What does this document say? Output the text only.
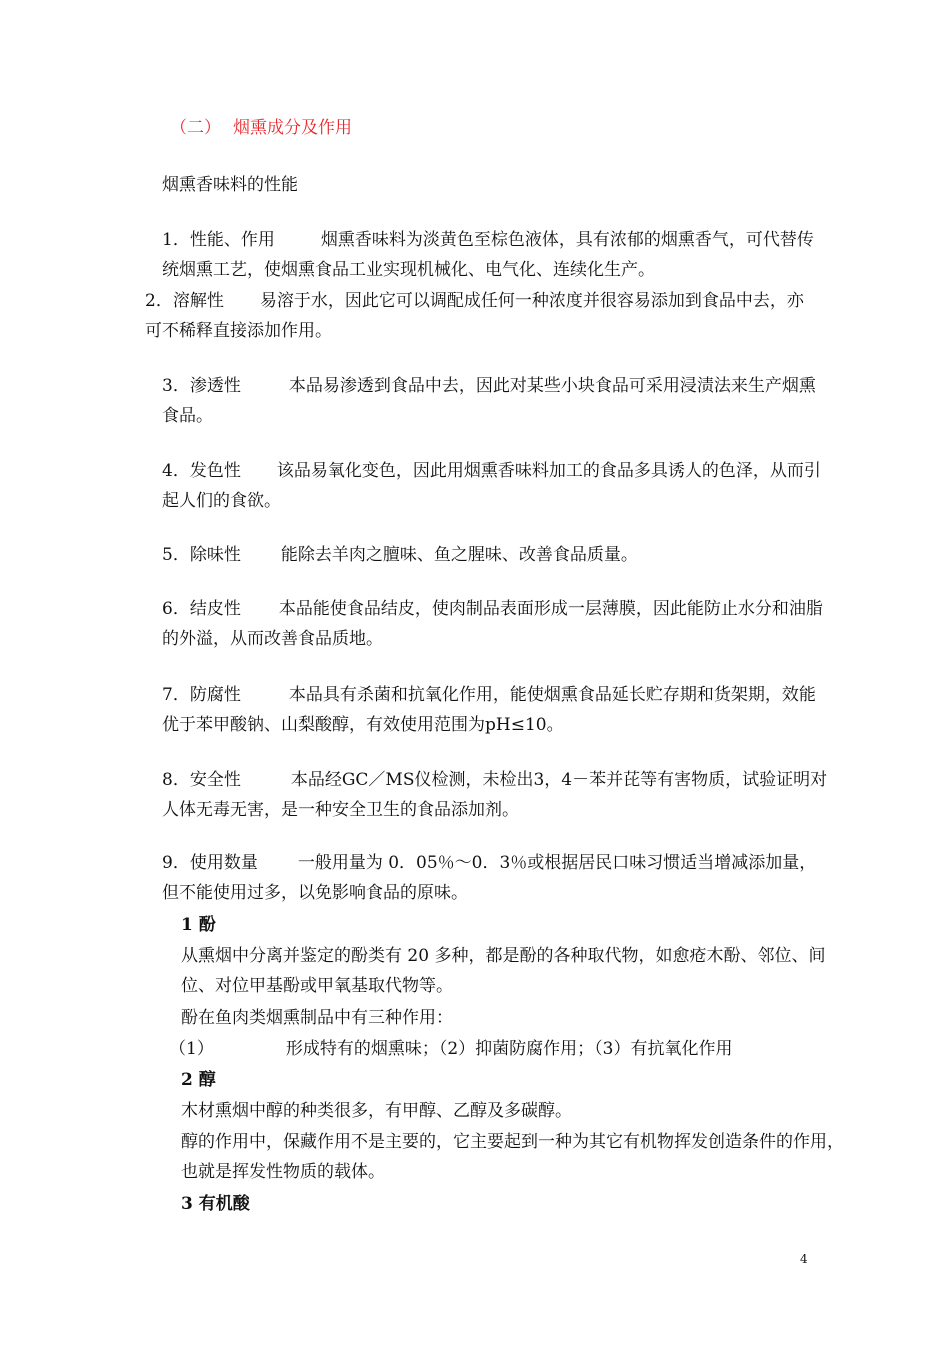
（二） 烟熏成分及作用

烟熏香味料的性能

1．性能、作用	烟熏香味料为淡黄色至棕色液体，具有浓郁的烟熏香气，可代替传统烟熏工艺，使烟熏食品工业实现机械化、电气化、连续化生产。

2．溶解性 易溶于水，因此它可以调配成任何一种浓度并很容易添加到食品中去，亦可不稀释直接添加作用。

3．渗透性	本品易渗透到食品中去，因此对某些小块食品可采用浸渍法来生产烟熏食品。

4．发色性 该品易氧化变色，因此用烟熏香味料加工的食品多具诱人的色泽，从而引起人们的食欲。

5．除味性 能除去羊肉之膻味、鱼之腥味、改善食品质量。

6．结皮性 本品能使食品结皮，使肉制品表面形成一层薄膜，因此能防止水分和油脂的外溢，从而改善食品质地。

7．防腐性	本品具有杀菌和抗氧化作用，能使烟熏食品延长贮存期和货架期，效能优于苯甲酸钠、山梨酸醇，有效使用范围为pH≤10。

8．安全性	本品经GC／MS仪检测，未检出3，4－苯并芘等有害物质，试验证明对人体无毒无害，是一种安全卫生的食品添加剂。

9．使用数量 一般用量为 0．05％～0．3％或根据居民口味习惯适当增减添加量，但不能使用过多，以免影响食品的原味。

1 酚

从熏烟中分离并鉴定的酚类有 20 多种，都是酚的各种取代物，如愈疮木酚、邻位、间位、对位甲基酚或甲氧基取代物等。

酚在鱼肉类烟熏制品中有三种作用：

（1）	形成特有的烟熏味；（2）抑菌防腐作用；（3）有抗氧化作用

2 醇

木材熏烟中醇的种类很多，有甲醇、乙醇及多碳醇。

醇的作用中，保藏作用不是主要的，它主要起到一种为其它有机物挥发创造条件的作用，也就是挥发性物质的载体。

3 有机酸

4
